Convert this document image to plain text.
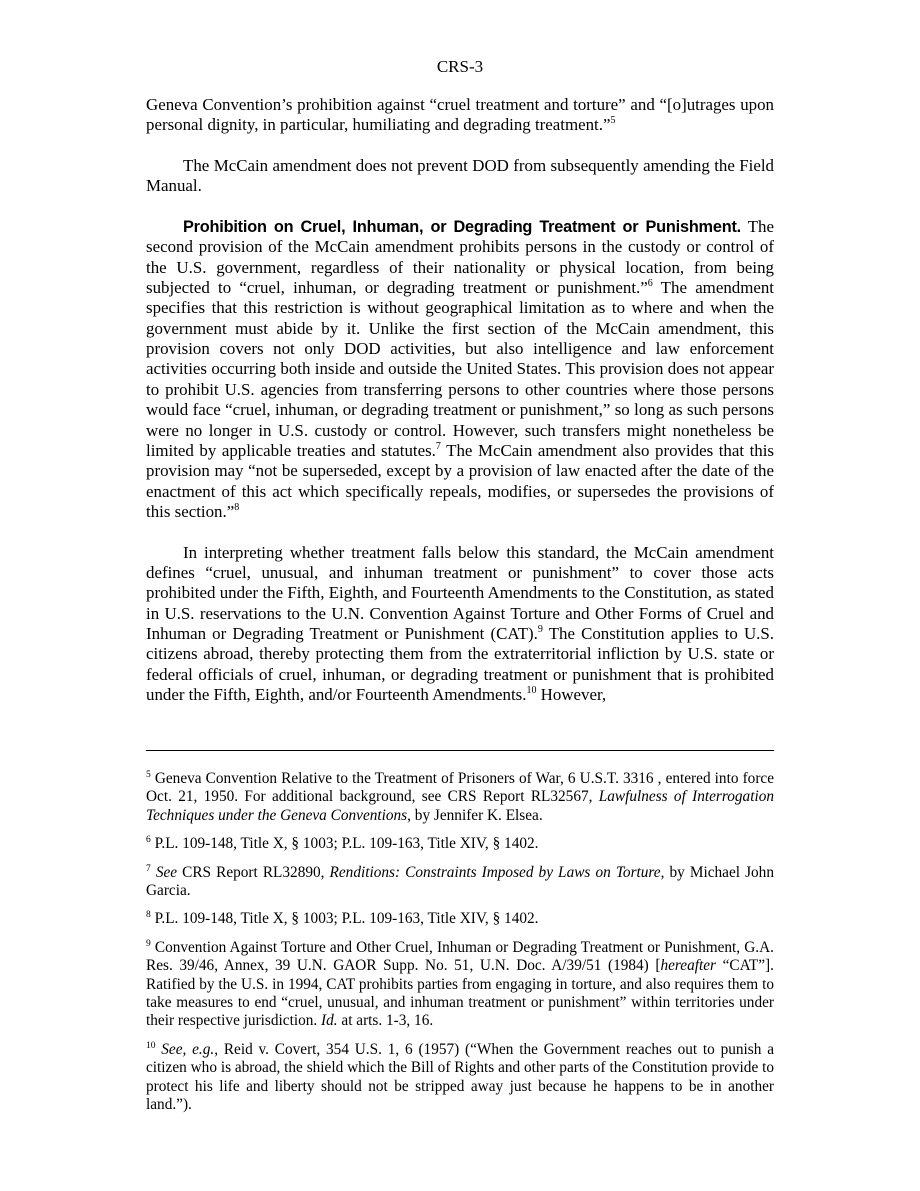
CRS-3

Geneva Convention’s prohibition against “cruel treatment and torture” and “[o]utrages upon personal dignity, in particular, humiliating and degrading treatment.”$^5$

The McCain amendment does not prevent DOD from subsequently amending the Field Manual.

Prohibition on Cruel, Inhuman, or Degrading Treatment or Punishment. The second provision of the McCain amendment prohibits persons in the custody or control of the U.S. government, regardless of their nationality or physical location, from being subjected to “cruel, inhuman, or degrading treatment or punishment.”$^6$ The amendment specifies that this restriction is without geographical limitation as to where and when the government must abide by it. Unlike the first section of the McCain amendment, this provision covers not only DOD activities, but also intelligence and law enforcement activities occurring both inside and outside the United States. This provision does not appear to prohibit U.S. agencies from transferring persons to other countries where those persons would face “cruel, inhuman, or degrading treatment or punishment,” so long as such persons were no longer in U.S. custody or control. However, such transfers might nonetheless be limited by applicable treaties and statutes.$^7$ The McCain amendment also provides that this provision may “not be superseded, except by a provision of law enacted after the date of the enactment of this act which specifically repeals, modifies, or supersedes the provisions of this section.”$^8$

In interpreting whether treatment falls below this standard, the McCain amendment defines “cruel, unusual, and inhuman treatment or punishment” to cover those acts prohibited under the Fifth, Eighth, and Fourteenth Amendments to the Constitution, as stated in U.S. reservations to the U.N. Convention Against Torture and Other Forms of Cruel and Inhuman or Degrading Treatment or Punishment (CAT).$^9$ The Constitution applies to U.S. citizens abroad, thereby protecting them from the extraterritorial infliction by U.S. state or federal officials of cruel, inhuman, or degrading treatment or punishment that is prohibited under the Fifth, Eighth, and/or Fourteenth Amendments.$^{10}$ However,

$^5$ Geneva Convention Relative to the Treatment of Prisoners of War, 6 U.S.T. 3316 , entered into force Oct. 21, 1950. For additional background, see CRS Report RL32567, Lawfulness of Interrogation Techniques under the Geneva Conventions, by Jennifer K. Elsea.

$^6$ P.L. 109-148, Title X, § 1003; P.L. 109-163, Title XIV, § 1402.

$^7$ See CRS Report RL32890, Renditions: Constraints Imposed by Laws on Torture, by Michael John Garcia.

$^8$ P.L. 109-148, Title X, § 1003; P.L. 109-163, Title XIV, § 1402.

$^9$ Convention Against Torture and Other Cruel, Inhuman or Degrading Treatment or Punishment, G.A. Res. 39/46, Annex, 39 U.N. GAOR Supp. No. 51, U.N. Doc. A/39/51 (1984) [hereafter “CAT”]. Ratified by the U.S. in 1994, CAT prohibits parties from engaging in torture, and also requires them to take measures to end “cruel, unusual, and inhuman treatment or punishment” within territories under their respective jurisdiction. Id. at arts. 1-3, 16.

$^{10}$ See, e.g., Reid v. Covert, 354 U.S. 1, 6 (1957) (“When the Government reaches out to punish a citizen who is abroad, the shield which the Bill of Rights and other parts of the Constitution provide to protect his life and liberty should not be stripped away just because he happens to be in another land.”).
